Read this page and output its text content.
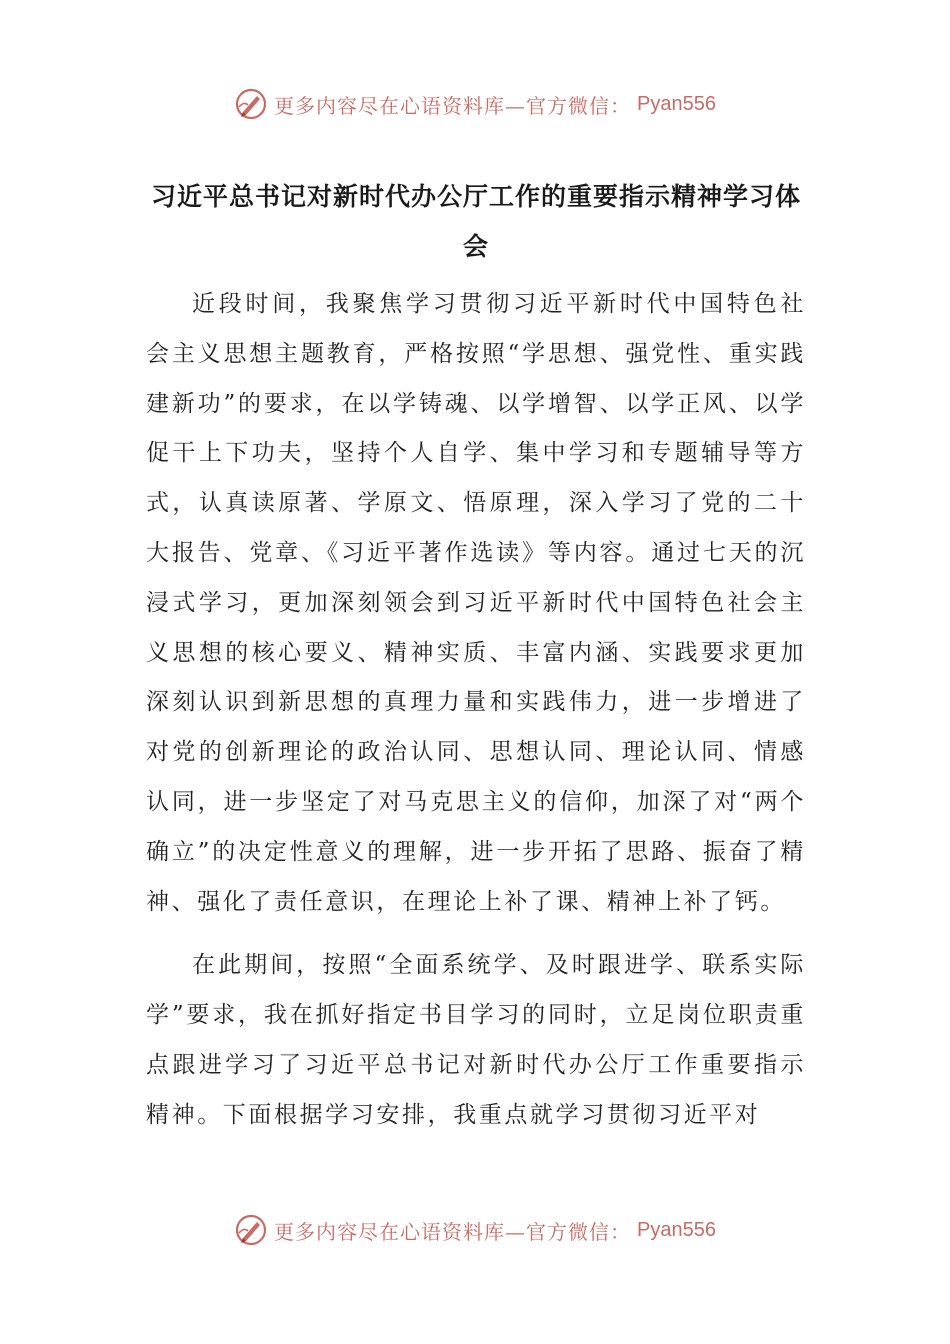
更多内容尽在心语资料库—官方微信： Pyan556
习近平总书记对新时代办公厅工作的重要指示精神学习体会

近段时间，我聚焦学习贯彻习近平新时代中国特色社会主义思想主题教育，严格按照“学思想、强党性、重实践建新功”的要求，在以学铸魂、以学增智、以学正风、以学促干上下功夫，坚持个人自学、集中学习和专题辅导等方式，认真读原著、学原文、悟原理，深入学习了党的二十大报告、党章、《习近平著作选读》等内容。通过七天的沉浸式学习，更加深刻领会到习近平新时代中国特色社会主义思想的核心要义、精神实质、丰富内涵、实践要求更加深刻认识到新思想的真理力量和实践伟力，进一步增进了对党的创新理论的政治认同、思想认同、理论认同、情感认同，进一步坚定了对马克思主义的信仰，加深了对“两个确立”的决定性意义的理解，进一步开拓了思路、振奋了精神、强化了责任意识，在理论上补了课、精神上补了钙。

在此期间，按照“全面系统学、及时跟进学、联系实际学”要求，我在抓好指定书目学习的同时，立足岗位职责重点跟进学习了习近平总书记对新时代办公厅工作重要指示精神。下面根据学习安排，我重点就学习贯彻习近平对

更多内容尽在心语资料库—官方微信： Pyan556
